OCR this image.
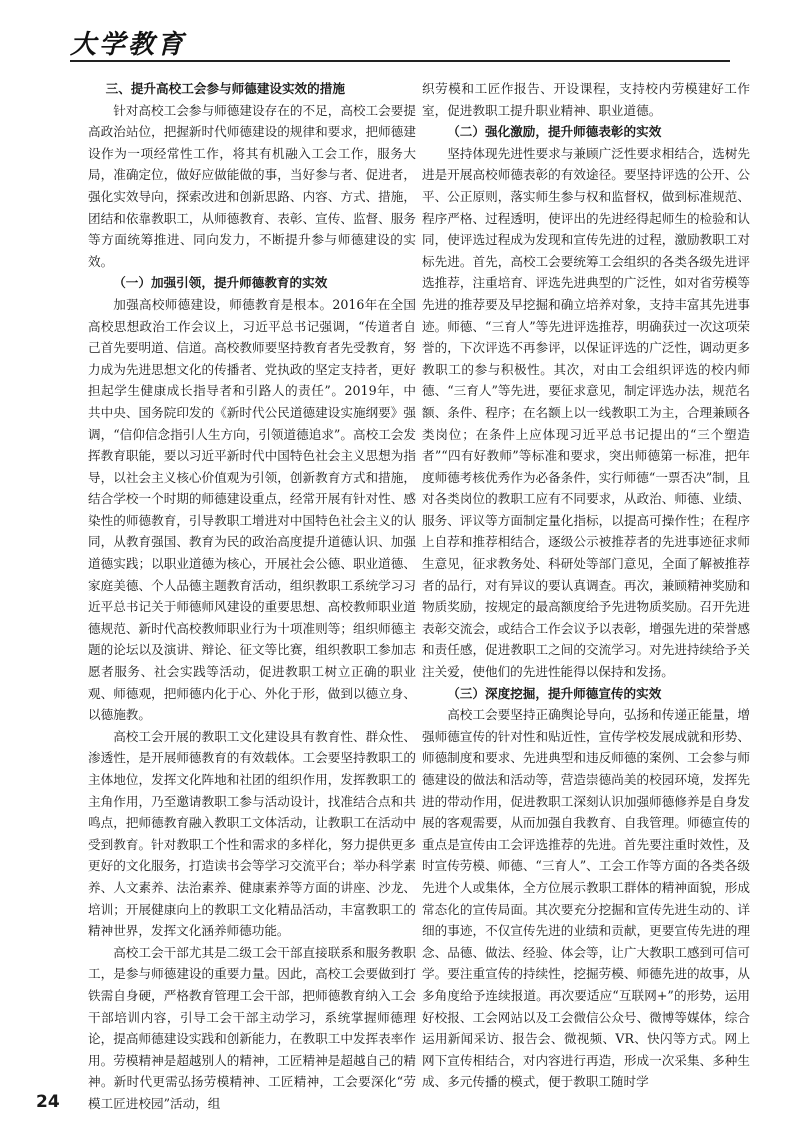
大学教育
三、提升高校工会参与师德建设实效的措施

针对高校工会参与师德建设存在的不足，高校工会要提高政治站位，把握新时代师德建设的规律和要求，把师德建设作为一项经常性工作，将其有机融入工会工作，服务大局，准确定位，做好应做能做的事，当好参与者、促进者，强化实效导向，探索改进和创新思路、内容、方式、措施，团结和依靠教职工，从师德教育、表彰、宣传、监督、服务等方面统筹推进、同向发力，不断提升参与师德建设的实效。

（一）加强引领，提升师德教育的实效

加强高校师德建设，师德教育是根本。2016年在全国高校思想政治工作会议上，习近平总书记强调，“传道者自己首先要明道、信道。高校教师要坚持教育者先受教育，努力成为先进思想文化的传播者、党执政的坚定支持者，更好担起学生健康成长指导者和引路人的责任”。2019年，中共中央、国务院印发的《新时代公民道德建设实施纲要》强调，“信仰信念指引人生方向，引领道德追求”。高校工会发挥教育职能，要以习近平新时代中国特色社会主义思想为指导，以社会主义核心价值观为引领，创新教育方式和措施，结合学校一个时期的师德建设重点，经常开展有针对性、感染性的师德教育，引导教职工增进对中国特色社会主义的认同，从教育强国、教育为民的政治高度提升道德认识、加强道德实践；以职业道德为核心，开展社会公德、职业道德、家庭美德、个人品德主题教育活动，组织教职工系统学习习近平总书记关于师德师风建设的重要思想、高校教师职业道德规范、新时代高校教师职业行为十项准则等；组织师德主题的论坛以及演讲、辩论、征文等比赛，组织教职工参加志愿者服务、社会实践等活动，促进教职工树立正确的职业观、师德观，把师德内化于心、外化于形，做到以德立身、以德施教。

高校工会开展的教职工文化建设具有教育性、群众性、渗透性，是开展师德教育的有效载体。工会要坚持教职工的主体地位，发挥文化阵地和社团的组织作用，发挥教职工的主角作用，乃至邀请教职工参与活动设计，找准结合点和共鸣点，把师德教育融入教职工文体活动，让教职工在活动中受到教育。针对教职工个性和需求的多样化，努力提供更多更好的文化服务，打造读书会等学习交流平台；举办科学素养、人文素养、法治素养、健康素养等方面的讲座、沙龙、培训；开展健康向上的教职工文化精品活动，丰富教职工的精神世界，发挥文化涵养师德功能。

高校工会干部尤其是二级工会干部直接联系和服务教职工，是参与师德建设的重要力量。因此，高校工会要做到打铁需自身硬，严格教育管理工会干部，把师德教育纳入工会干部培训内容，引导工会干部主动学习，系统掌握师德理论，提高师德建设实践和创新能力，在教职工中发挥表率作用。劳模精神是超越别人的精神，工匠精神是超越自己的精神。新时代更需弘扬劳模精神、工匠精神，工会要深化“劳模工匠进校园”活动，组

织劳模和工匠作报告、开设课程，支持校内劳模建好工作室，促进教职工提升职业精神、职业道德。

（二）强化激励，提升师德表彰的实效

坚持体现先进性要求与兼顾广泛性要求相结合，选树先进是开展高校师德表彰的有效途径。要坚持评选的公开、公平、公正原则，落实师生参与权和监督权，做到标准规范、程序严格、过程透明，使评出的先进经得起师生的检验和认同，使评选过程成为发现和宣传先进的过程，激励教职工对标先进。首先，高校工会要统筹工会组织的各类各级先进评选推荐，注重培育、评选先进典型的广泛性，如对省劳模等先进的推荐要及早挖掘和确立培养对象，支持丰富其先进事迹。师德、“三育人”等先进评选推荐，明确获过一次这项荣誉的，下次评选不再参评，以保证评选的广泛性，调动更多教职工的参与积极性。其次，对由工会组织评选的校内师德、“三育人”等先进，要征求意见，制定评选办法，规范名额、条件、程序；在名额上以一线教职工为主，合理兼顾各类岗位；在条件上应体现习近平总书记提出的“三个塑造者”“四有好教师”等标准和要求，突出师德第一标准，把年度师德考核优秀作为必备条件，实行师德“一票否决”制，且对各类岗位的教职工应有不同要求，从政治、师德、业绩、服务、评议等方面制定量化指标，以提高可操作性；在程序上自荐和推荐相结合，逐级公示被推荐者的先进事迹征求师生意见，征求教务处、科研处等部门意见，全面了解被推荐者的品行，对有异议的要认真调查。再次，兼顾精神奖励和物质奖励，按规定的最高额度给予先进物质奖励。召开先进表彰交流会，或结合工作会议予以表彰，增强先进的荣誉感和责任感，促进教职工之间的交流学习。对先进持续给予关注关爱，使他们的先进性能得以保持和发扬。

（三）深度挖掘，提升师德宣传的实效

高校工会要坚持正确舆论导向，弘扬和传递正能量，增强师德宣传的针对性和贴近性，宣传学校发展成就和形势、师德制度和要求、先进典型和违反师德的案例、工会参与师德建设的做法和活动等，营造崇德尚美的校园环境，发挥先进的带动作用，促进教职工深刻认识加强师德修养是自身发展的客观需要，从而加强自我教育、自我管理。师德宣传的重点是宣传由工会评选推荐的先进。首先要注重时效性，及时宣传劳模、师德、“三育人”、工会工作等方面的各类各级先进个人或集体，全方位展示教职工群体的精神面貌，形成常态化的宣传局面。其次要充分挖掘和宣传先进生动的、详细的事迹，不仅宣传先进的业绩和贡献，更要宣传先进的理念、品德、做法、经验、体会等，让广大教职工感到可信可学。要注重宣传的持续性，挖掘劳模、师德先进的故事，从多角度给予连续报道。再次要适应“互联网+”的形势，运用好校报、工会网站以及工会微信公众号、微博等媒体，综合运用新闻采访、报告会、微视频、VR、快闪等方式。网上网下宣传相结合，对内容进行再造，形成一次采集、多种生成、多元传播的模式，便于教职工随时学

24
